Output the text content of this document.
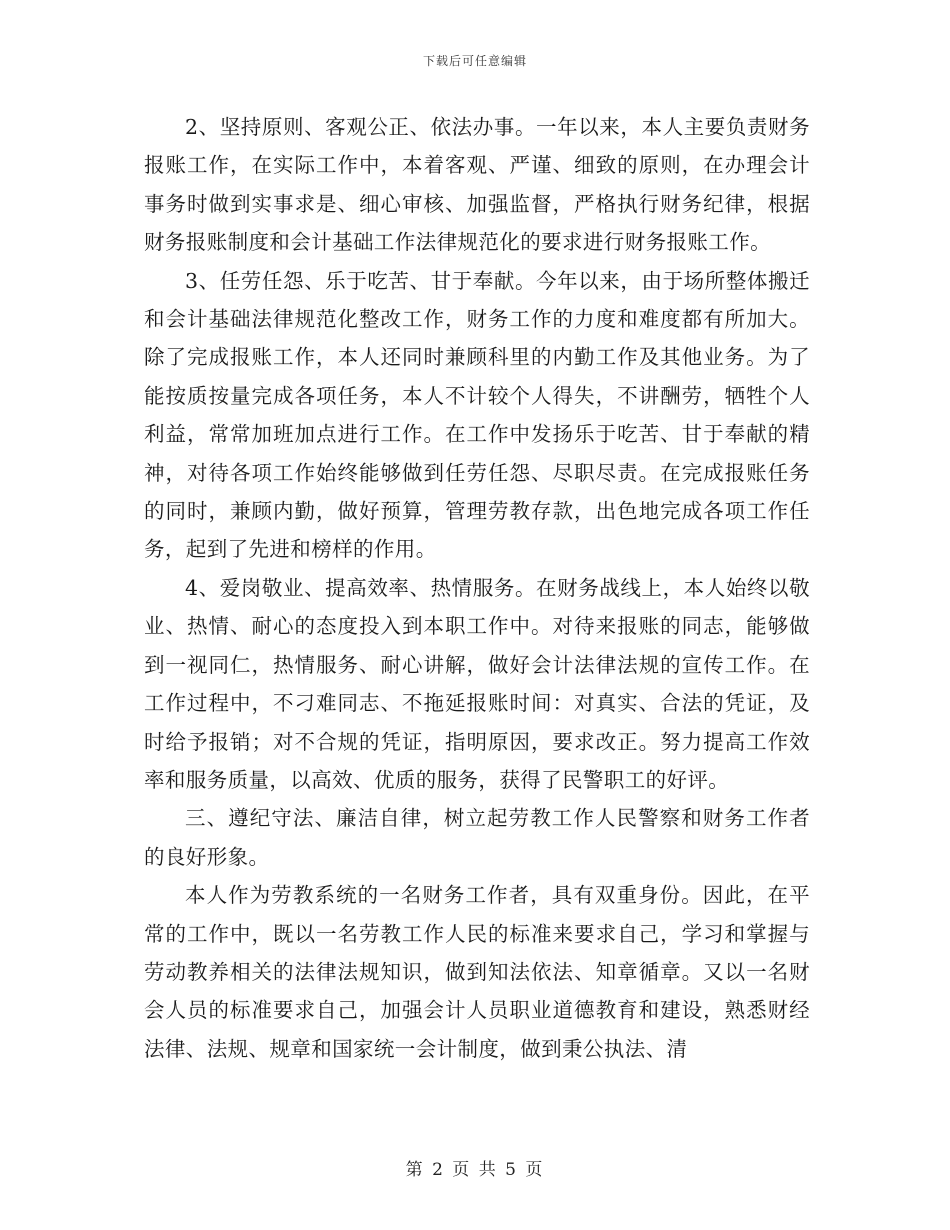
下载后可任意编辑

2、坚持原则、客观公正、依法办事。一年以来，本人主要负责财务报账工作，在实际工作中，本着客观、严谨、细致的原则，在办理会计事务时做到实事求是、细心审核、加强监督，严格执行财务纪律，根据财务报账制度和会计基础工作法律规范化的要求进行财务报账工作。

3、任劳任怨、乐于吃苦、甘于奉献。今年以来，由于场所整体搬迁和会计基础法律规范化整改工作，财务工作的力度和难度都有所加大。除了完成报账工作，本人还同时兼顾科里的内勤工作及其他业务。为了能按质按量完成各项任务，本人不计较个人得失，不讲酬劳，牺牲个人利益，常常加班加点进行工作。在工作中发扬乐于吃苦、甘于奉献的精神，对待各项工作始终能够做到任劳任怨、尽职尽责。在完成报账任务的同时，兼顾内勤，做好预算，管理劳教存款，出色地完成各项工作任务，起到了先进和榜样的作用。

4、爱岗敬业、提高效率、热情服务。在财务战线上，本人始终以敬业、热情、耐心的态度投入到本职工作中。对待来报账的同志，能够做到一视同仁，热情服务、耐心讲解，做好会计法律法规的宣传工作。在工作过程中，不刁难同志、不拖延报账时间：对真实、合法的凭证，及时给予报销；对不合规的凭证，指明原因，要求改正。努力提高工作效率和服务质量，以高效、优质的服务，获得了民警职工的好评。

三、遵纪守法、廉洁自律，树立起劳教工作人民警察和财务工作者的良好形象。

本人作为劳教系统的一名财务工作者，具有双重身份。因此，在平常的工作中，既以一名劳教工作人民的标准来要求自己，学习和掌握与劳动教养相关的法律法规知识，做到知法依法、知章循章。又以一名财会人员的标准要求自己，加强会计人员职业道德教育和建设，熟悉财经法律、法规、规章和国家统一会计制度，做到秉公执法、清

第 2 页 共 5 页
